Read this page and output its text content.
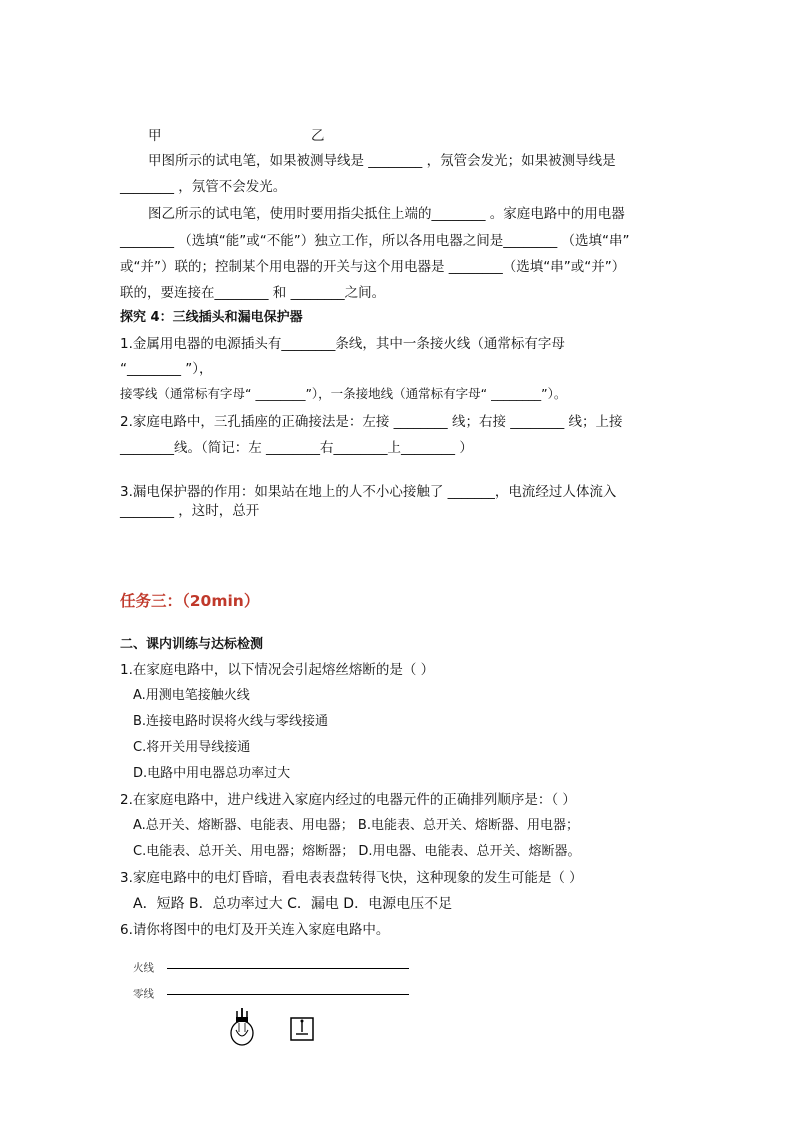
甲	乙
甲图所示的试电笔，如果被测导线是 ________ ，氖管会发光；如果被测导线是
________ ，氖管不会发光。
图乙所示的试电笔，使用时要用指尖抵住上端的________ 。家庭电路中的用电器
________ （选填“能”或“不能”）独立工作，所以各用电器之间是________ （选填“串”
或“并”）联的；控制某个用电器的开关与这个用电器是 ________（选填“串”或“并”）
联的，要连接在________ 和 ________之间。
探究 4：三线插头和漏电保护器
1.金属用电器的电源插头有________条线，其中一条接火线（通常标有字母
“________ ”），
接零线（通常标有字母“ ________”），一条接地线（通常标有字母“ ________”）。
2.家庭电路中，三孔插座的正确接法是：左接 ________ 线；右接 ________ 线；上接
________线。（简记：左 ________右________上________ ）
3.漏电保护器的作用：如果站在地上的人不小心接触了 _______，电流经过人体流入
________ ，这时，总开
任务三：（20min）
二、课内训练与达标检测
1.在家庭电路中，以下情况会引起熔丝熔断的是（ ）
A.用测电笔接触火线
B.连接电路时误将火线与零线接通
C.将开关用导线接通
D.电路中用电器总功率过大
2.在家庭电路中，进户线进入家庭内经过的电器元件的正确排列顺序是：（ ）
A.总开关、熔断器、电能表、用电器； B.电能表、总开关、熔断器、用电器；
C.电能表、总开关、用电器；熔断器； D.用电器、电能表、总开关、熔断器。
3.家庭电路中的电灯昏暗，看电表表盘转得飞快，这种现象的发生可能是（ ）
A．短路 B．总功率过大 C．漏电 D．电源电压不足
6.请你将图中的电灯及开关连入家庭电路中。
火线
零线
